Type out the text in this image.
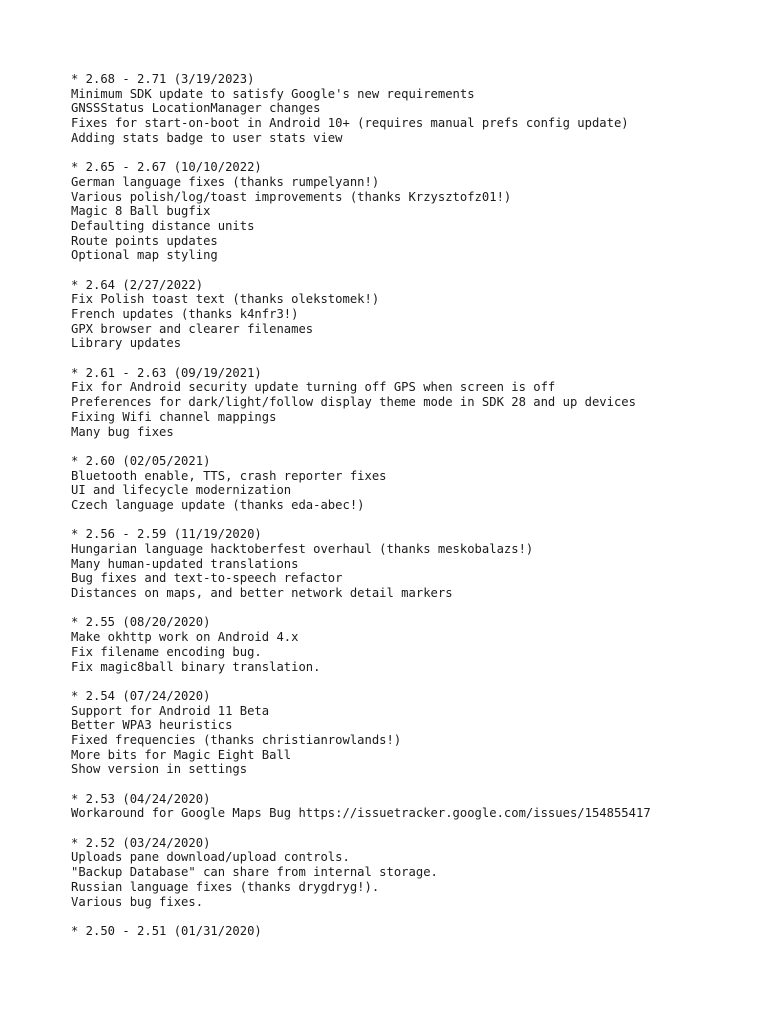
* 2.68 - 2.71 (3/19/2023)
Minimum SDK update to satisfy Google's new requirements
GNSSStatus LocationManager changes
Fixes for start-on-boot in Android 10+ (requires manual prefs config update)
Adding stats badge to user stats view
* 2.65 - 2.67 (10/10/2022)
German language fixes (thanks rumpelyann!)
Various polish/log/toast improvements (thanks Krzysztofz01!)
Magic 8 Ball bugfix
Defaulting distance units
Route points updates
Optional map styling
* 2.64 (2/27/2022)
Fix Polish toast text (thanks olekstomek!)
French updates (thanks k4nfr3!)
GPX browser and clearer filenames
Library updates
* 2.61 - 2.63 (09/19/2021)
Fix for Android security update turning off GPS when screen is off
Preferences for dark/light/follow display theme mode in SDK 28 and up devices
Fixing Wifi channel mappings
Many bug fixes
* 2.60 (02/05/2021)
Bluetooth enable, TTS, crash reporter fixes
UI and lifecycle modernization
Czech language update (thanks eda-abec!)
* 2.56 - 2.59 (11/19/2020)
Hungarian language hacktoberfest overhaul (thanks meskobalazs!)
Many human-updated translations
Bug fixes and text-to-speech refactor
Distances on maps, and better network detail markers
* 2.55 (08/20/2020)
Make okhttp work on Android 4.x
Fix filename encoding bug.
Fix magic8ball binary translation.
* 2.54 (07/24/2020)
Support for Android 11 Beta
Better WPA3 heuristics
Fixed frequencies (thanks christianrowlands!)
More bits for Magic Eight Ball
Show version in settings
* 2.53 (04/24/2020)
Workaround for Google Maps Bug https://issuetracker.google.com/issues/154855417
* 2.52 (03/24/2020)
Uploads pane download/upload controls.
"Backup Database" can share from internal storage.
Russian language fixes (thanks drygdryg!).
Various bug fixes.
* 2.50 - 2.51 (01/31/2020)
